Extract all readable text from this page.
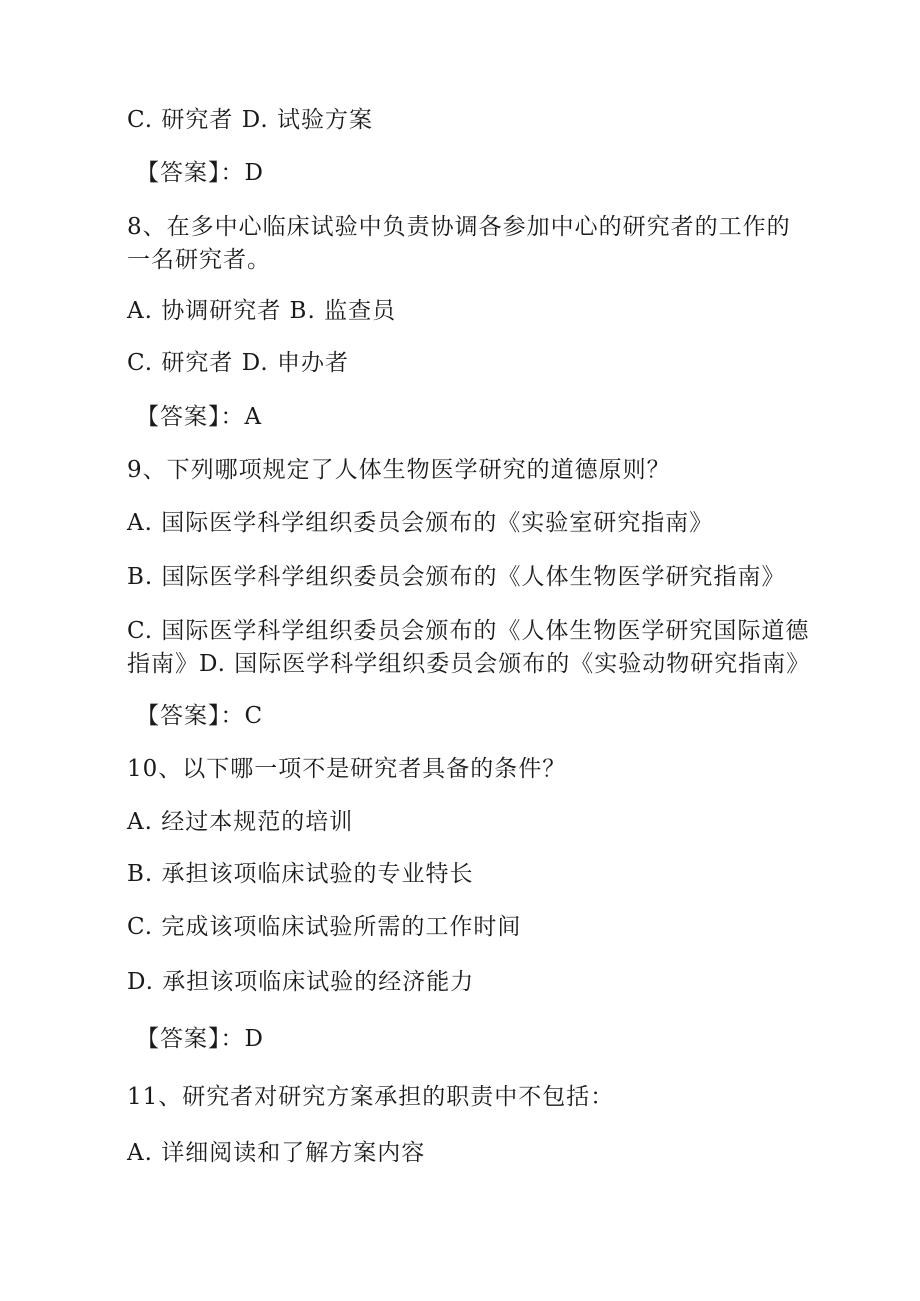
C. 研究者 D. 试验方案
【答案】：D
8、在多中心临床试验中负责协调各参加中心的研究者的工作的
一名研究者。
A. 协调研究者 B. 监查员
C. 研究者 D. 申办者
【答案】：A
9、下列哪项规定了人体生物医学研究的道德原则？
A. 国际医学科学组织委员会颁布的《实验室研究指南》
B. 国际医学科学组织委员会颁布的《人体生物医学研究指南》
C. 国际医学科学组织委员会颁布的《人体生物医学研究国际道德
指南》D. 国际医学科学组织委员会颁布的《实验动物研究指南》
【答案】：C
10、以下哪一项不是研究者具备的条件？
A. 经过本规范的培训
B. 承担该项临床试验的专业特长
C. 完成该项临床试验所需的工作时间
D. 承担该项临床试验的经济能力
【答案】：D
11、研究者对研究方案承担的职责中不包括：
A. 详细阅读和了解方案内容
